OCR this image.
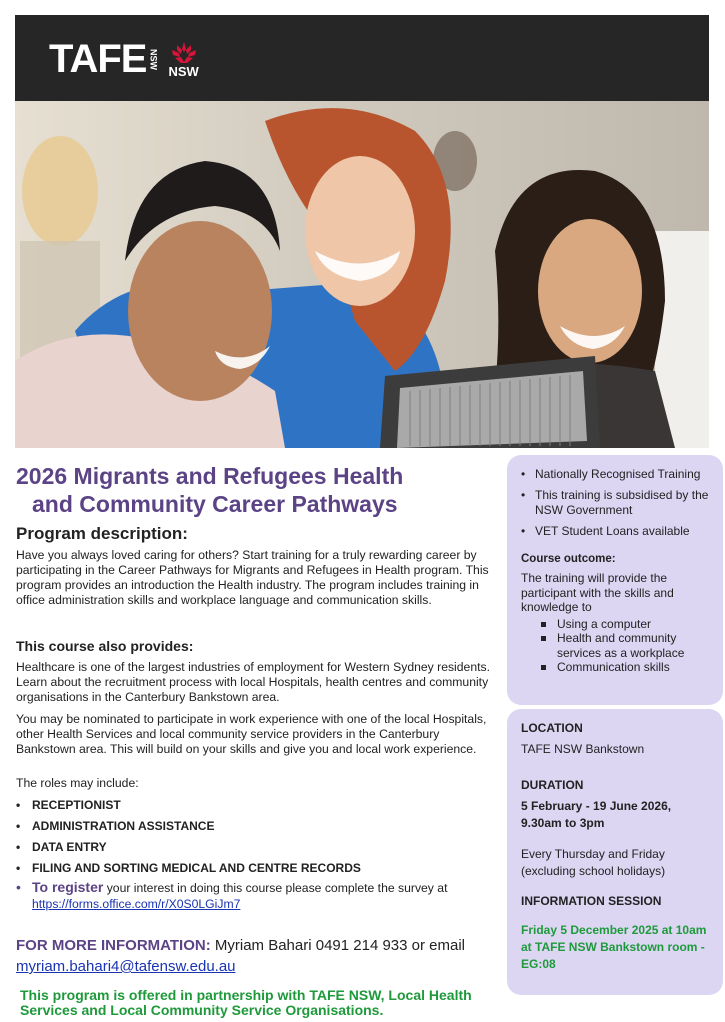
TAFE NSW
NSW
2026 Migrants and Refugees Health
and Community Career Pathways
Program description:
Have you always loved caring for others? Start training for a truly rewarding career by participating in the Career Pathways for Migrants and Refugees in Health program. This program provides an introduction the Health industry. The program includes training in office administration skills and workplace language and communication skills.
This course also provides:
Healthcare is one of the largest industries of employment for Western Sydney residents. Learn about the recruitment process with local Hospitals, health centres and community organisations in the Canterbury Bankstown area.
You may be nominated to participate in work experience with one of the local Hospitals, other Health Services and local community service providers in the Canterbury Bankstown area. This will build on your skills and give you and local work experience.
The roles may include:
• RECEPTIONIST
• ADMINISTRATION ASSISTANCE
• DATA ENTRY
• FILING AND SORTING MEDICAL AND CENTRE RECORDS
• To register your interest in doing this course please complete the survey at https://forms.office.com/r/X0S0LGiJm7
FOR MORE INFORMATION: Myriam Bahari 0491 214 933 or email
myriam.bahari4@tafensw.edu.au
This program is offered in partnership with TAFE NSW, Local Health Services and Local Community Service Organisations.
• Nationally Recognised Training
• This training is subsidised by the NSW Government
• VET Student Loans available
Course outcome:
The training will provide the participant with the skills and knowledge to
Using a computer
Health and community services as a workplace
Communication skills
LOCATION
TAFE NSW Bankstown
DURATION
5 February - 19 June 2026,
9.30am to 3pm
Every Thursday and Friday (excluding school holidays)
INFORMATION SESSION
Friday 5 December 2025 at 10am at TAFE NSW Bankstown room - EG:08
